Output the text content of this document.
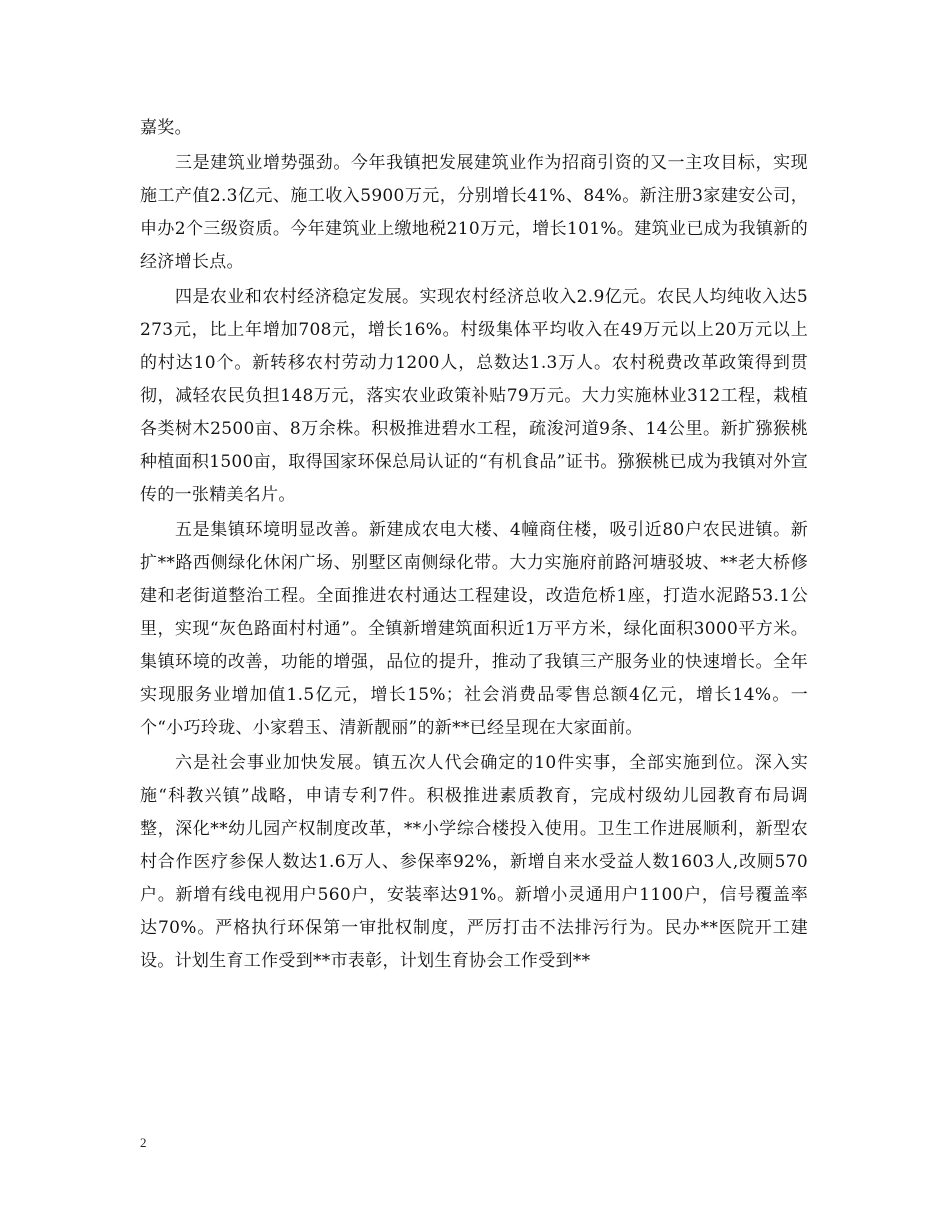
嘉奖。

三是建筑业增势强劲。今年我镇把发展建筑业作为招商引资的又一主攻目标，实现施工产值2.3亿元、施工收入5900万元，分别增长41%、84%。新注册3家建安公司，申办2个三级资质。今年建筑业上缴地税210万元，增长101%。建筑业已成为我镇新的经济增长点。

四是农业和农村经济稳定发展。实现农村经济总收入2.9亿元。农民人均纯收入达5273元，比上年增加708元，增长16%。村级集体平均收入在49万元以上20万元以上的村达10个。新转移农村劳动力1200人，总数达1.3万人。农村税费改革政策得到贯彻，减轻农民负担148万元，落实农业政策补贴79万元。大力实施林业312工程，栽植各类树木2500亩、8万余株。积极推进碧水工程，疏浚河道9条、14公里。新扩猕猴桃种植面积1500亩，取得国家环保总局认证的“有机食品”证书。猕猴桃已成为我镇对外宣传的一张精美名片。

五是集镇环境明显改善。新建成农电大楼、4幢商住楼，吸引近80户农民进镇。新扩**路西侧绿化休闲广场、别墅区南侧绿化带。大力实施府前路河塘驳坡、**老大桥修建和老街道整治工程。全面推进农村通达工程建设，改造危桥1座，打造水泥路53.1公里，实现“灰色路面村村通”。全镇新增建筑面积近1万平方米，绿化面积3000平方米。集镇环境的改善，功能的增强，品位的提升，推动了我镇三产服务业的快速增长。全年实现服务业增加值1.5亿元，增长15%；社会消费品零售总额4亿元，增长14%。一个“小巧玲珑、小家碧玉、清新靓丽”的新**已经呈现在大家面前。

六是社会事业加快发展。镇五次人代会确定的10件实事，全部实施到位。深入实施“科教兴镇”战略，申请专利7件。积极推进素质教育，完成村级幼儿园教育布局调整，深化**幼儿园产权制度改革，**小学综合楼投入使用。卫生工作进展顺利，新型农村合作医疗参保人数达1.6万人、参保率92%，新增自来水受益人数1603人,改厕570户。新增有线电视用户560户，安装率达91%。新增小灵通用户1100户，信号覆盖率达70%。严格执行环保第一审批权制度，严厉打击不法排污行为。民办**医院开工建设。计划生育工作受到**市表彰，计划生育协会工作受到**

2
